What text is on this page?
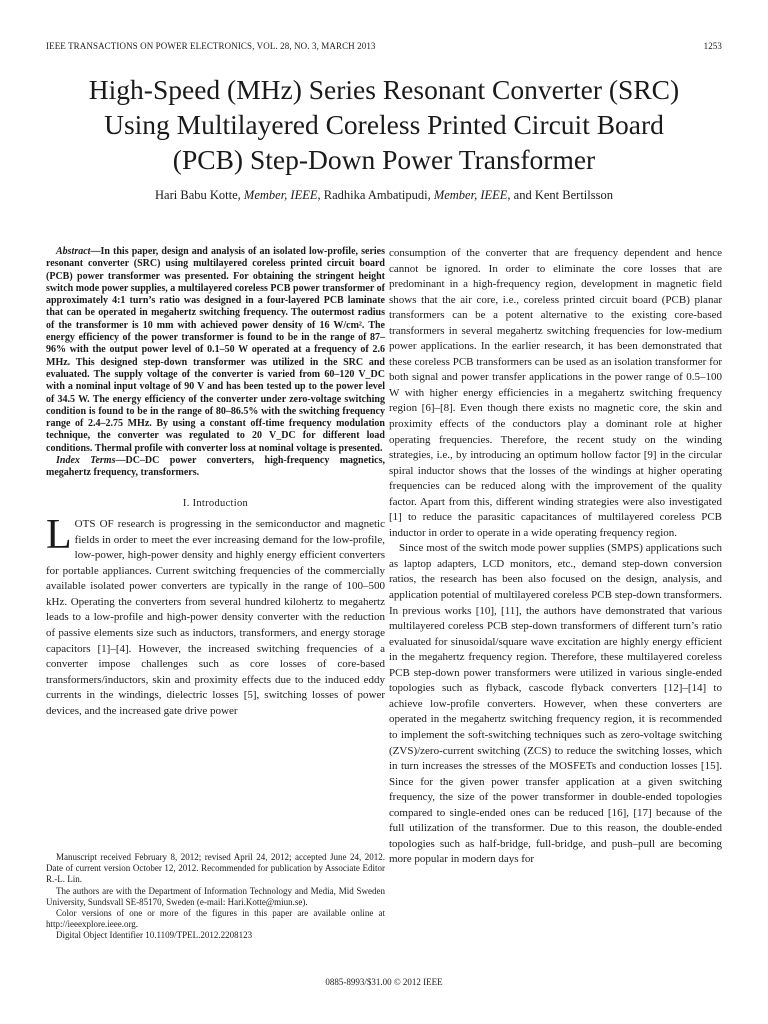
IEEE TRANSACTIONS ON POWER ELECTRONICS, VOL. 28, NO. 3, MARCH 2013	1253
High-Speed (MHz) Series Resonant Converter (SRC)
Using Multilayered Coreless Printed Circuit Board
(PCB) Step-Down Power Transformer
Hari Babu Kotte, Member, IEEE, Radhika Ambatipudi, Member, IEEE, and Kent Bertilsson

Abstract—In this paper, design and analysis of an isolated low-profile, series resonant converter (SRC) using multilayered coreless printed circuit board (PCB) power transformer was presented. For obtaining the stringent height switch mode power supplies, a multilayered coreless PCB power transformer of approximately 4:1 turn’s ratio was designed in a four-layered PCB laminate that can be operated in megahertz switching frequency. The outermost radius of the transformer is 10 mm with achieved power density of 16 W/cm². The energy efficiency of the power transformer is found to be in the range of 87–96% with the output power level of 0.1–50 W operated at a frequency of 2.6 MHz. This designed step-down transformer was utilized in the SRC and evaluated. The supply voltage of the converter is varied from 60–120 V_DC with a nominal input voltage of 90 V and has been tested up to the power level of 34.5 W. The energy efficiency of the converter under zero-voltage switching condition is found to be in the range of 80–86.5% with the switching frequency range of 2.4–2.75 MHz. By using a constant off-time frequency modulation technique, the converter was regulated to 20 V_DC for different load conditions. Thermal profile with converter loss at nominal voltage is presented.

Index Terms—DC–DC power converters, high-frequency magnetics, megahertz frequency, transformers.

I. Introduction

LOTS OF research is progressing in the semiconductor and magnetic fields in order to meet the ever increasing demand for the low-profile, low-power, high-power density and highly energy efficient converters for portable appliances. Current switching frequencies of the commercially available isolated power converters are typically in the range of 100–500 kHz. Operating the converters from several hundred kilohertz to megahertz leads to a low-profile and high-power density converter with the reduction of passive elements size such as inductors, transformers, and energy storage capacitors [1]–[4]. However, the increased switching frequencies of a converter impose challenges such as core losses of core-based transformers/inductors, skin and proximity effects due to the induced eddy currents in the windings, dielectric losses [5], switching losses of power devices, and the increased gate drive power

consumption of the converter that are frequency dependent and hence cannot be ignored. In order to eliminate the core losses that are predominant in a high-frequency region, development in magnetic field shows that the air core, i.e., coreless printed circuit board (PCB) planar transformers can be a potent alternative to the existing core-based transformers in several megahertz switching frequencies for low-medium power applications. In the earlier research, it has been demonstrated that these coreless PCB transformers can be used as an isolation transformer for both signal and power transfer applications in the power range of 0.5–100 W with higher energy efficiencies in a megahertz switching frequency region [6]–[8]. Even though there exists no magnetic core, the skin and proximity effects of the conductors play a dominant role at higher operating frequencies. Therefore, the recent study on the winding strategies, i.e., by introducing an optimum hollow factor [9] in the circular spiral inductor shows that the losses of the windings at higher operating frequencies can be reduced along with the improvement of the quality factor. Apart from this, different winding strategies were also investigated [1] to reduce the parasitic capacitances of multilayered coreless PCB inductor in order to operate in a wide operating frequency region.

Since most of the switch mode power supplies (SMPS) applications such as laptop adapters, LCD monitors, etc., demand step-down conversion ratios, the research has been also focused on the design, analysis, and application potential of multilayered coreless PCB step-down transformers. In previous works [10], [11], the authors have demonstrated that various multilayered coreless PCB step-down transformers of different turn’s ratio evaluated for sinusoidal/square wave excitation are highly energy efficient in the megahertz frequency region. Therefore, these multilayered coreless PCB step-down power transformers were utilized in various single-ended topologies such as flyback, cascode flyback converters [12]–[14] to achieve low-profile converters. However, when these converters are operated in the megahertz switching frequency region, it is recommended to implement the soft-switching techniques such as zero-voltage switching (ZVS)/zero-current switching (ZCS) to reduce the switching losses, which in turn increases the stresses of the MOSFETs and conduction losses [15]. Since for the given power transfer application at a given switching frequency, the size of the power transformer in double-ended topologies compared to single-ended ones can be reduced [16], [17] because of the full utilization of the transformer. Due to this reason, the double-ended topologies such as half-bridge, full-bridge, and push–pull are becoming more popular in modern days for

Manuscript received February 8, 2012; revised April 24, 2012; accepted June 24, 2012. Date of current version October 12, 2012. Recommended for publication by Associate Editor R.-L. Lin.

The authors are with the Department of Information Technology and Media, Mid Sweden University, Sundsvall SE-85170, Sweden (e-mail: Hari.Kotte@miun.se).

Color versions of one or more of the figures in this paper are available online at http://ieeexplore.ieee.org.

Digital Object Identifier 10.1109/TPEL.2012.2208123

0885-8993/$31.00 © 2012 IEEE
